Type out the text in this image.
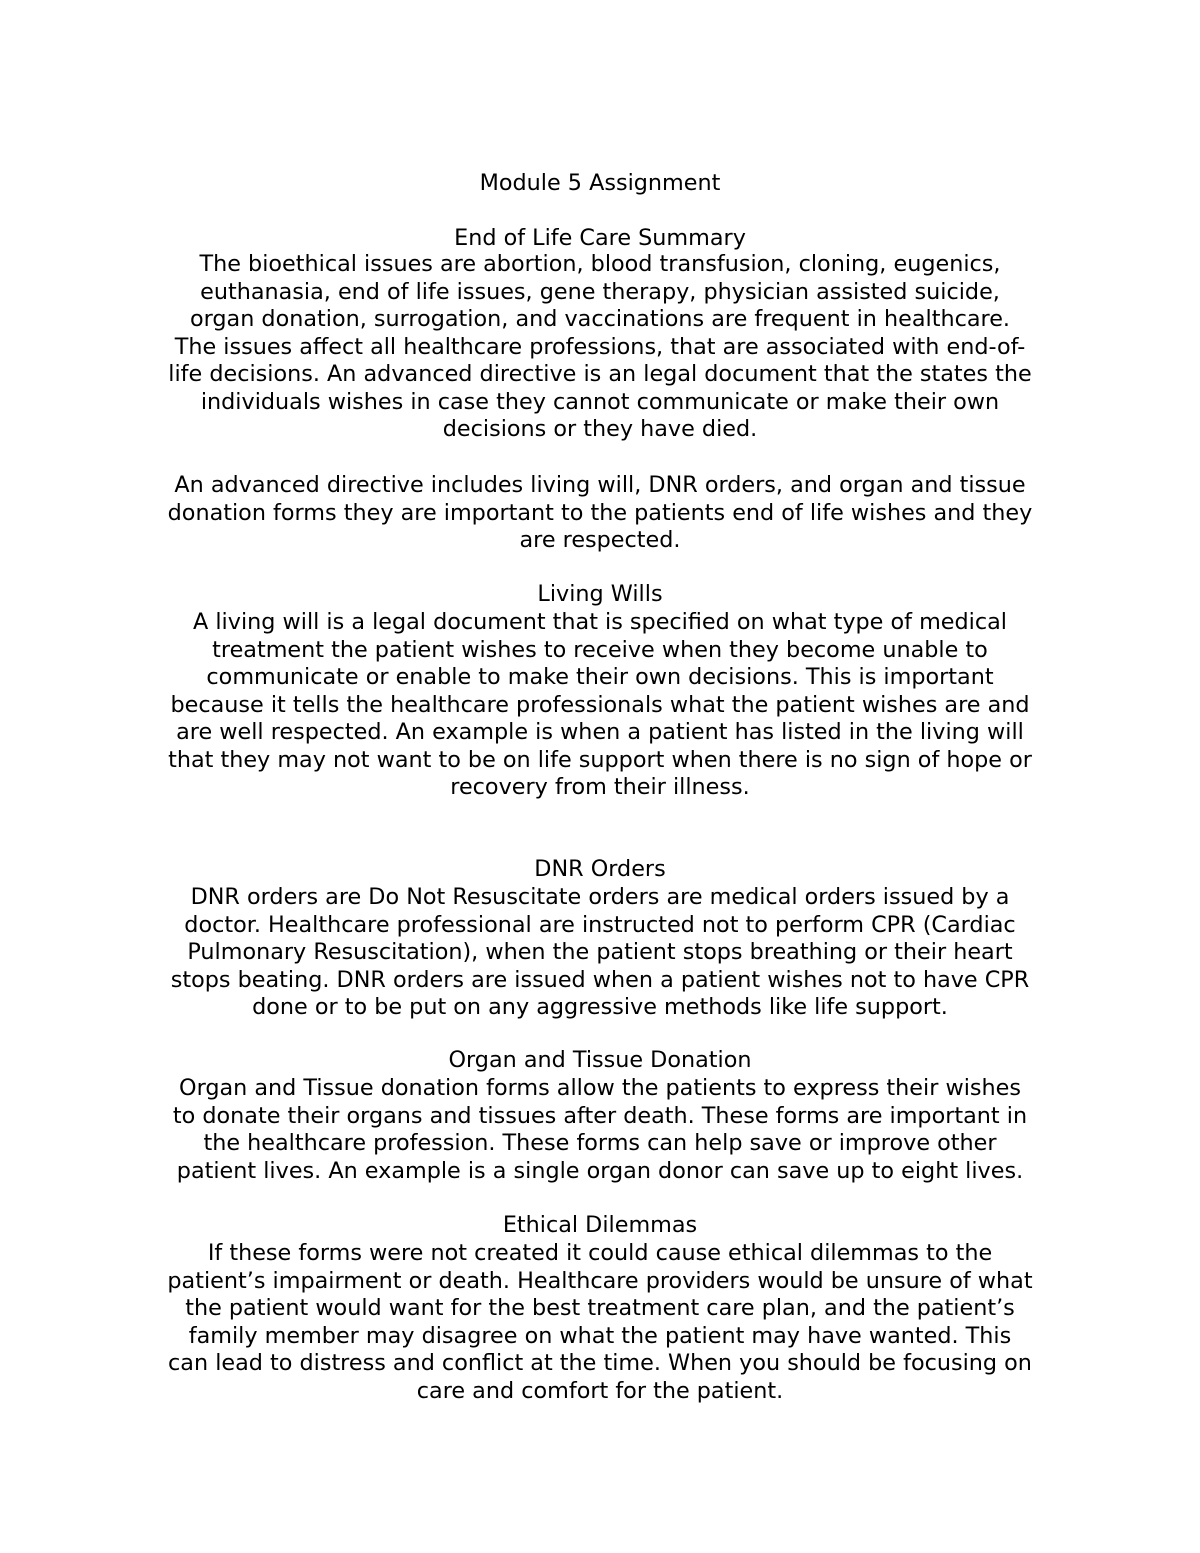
Module 5 Assignment

End of Life Care Summary

The bioethical issues are abortion, blood transfusion, cloning, eugenics,
euthanasia, end of life issues, gene therapy, physician assisted suicide,
organ donation, surrogation, and vaccinations are frequent in healthcare.
The issues affect all healthcare professions, that are associated with end-of-
life decisions. An advanced directive is an legal document that the states the
individuals wishes in case they cannot communicate or make their own
decisions or they have died.

An advanced directive includes living will, DNR orders, and organ and tissue
donation forms they are important to the patients end of life wishes and they
are respected.

Living Wills

A living will is a legal document that is specified on what type of medical
treatment the patient wishes to receive when they become unable to
communicate or enable to make their own decisions. This is important
because it tells the healthcare professionals what the patient wishes are and
are well respected. An example is when a patient has listed in the living will
that they may not want to be on life support when there is no sign of hope or
recovery from their illness.

DNR Orders

DNR orders are Do Not Resuscitate orders are medical orders issued by a
doctor. Healthcare professional are instructed not to perform CPR (Cardiac
Pulmonary Resuscitation), when the patient stops breathing or their heart
stops beating. DNR orders are issued when a patient wishes not to have CPR
done or to be put on any aggressive methods like life support.

Organ and Tissue Donation

Organ and Tissue donation forms allow the patients to express their wishes
to donate their organs and tissues after death. These forms are important in
the healthcare profession. These forms can help save or improve other
patient lives. An example is a single organ donor can save up to eight lives.

Ethical Dilemmas

If these forms were not created it could cause ethical dilemmas to the
patient’s impairment or death. Healthcare providers would be unsure of what
the patient would want for the best treatment care plan, and the patient’s
family member may disagree on what the patient may have wanted. This
can lead to distress and conflict at the time. When you should be focusing on
care and comfort for the patient.
